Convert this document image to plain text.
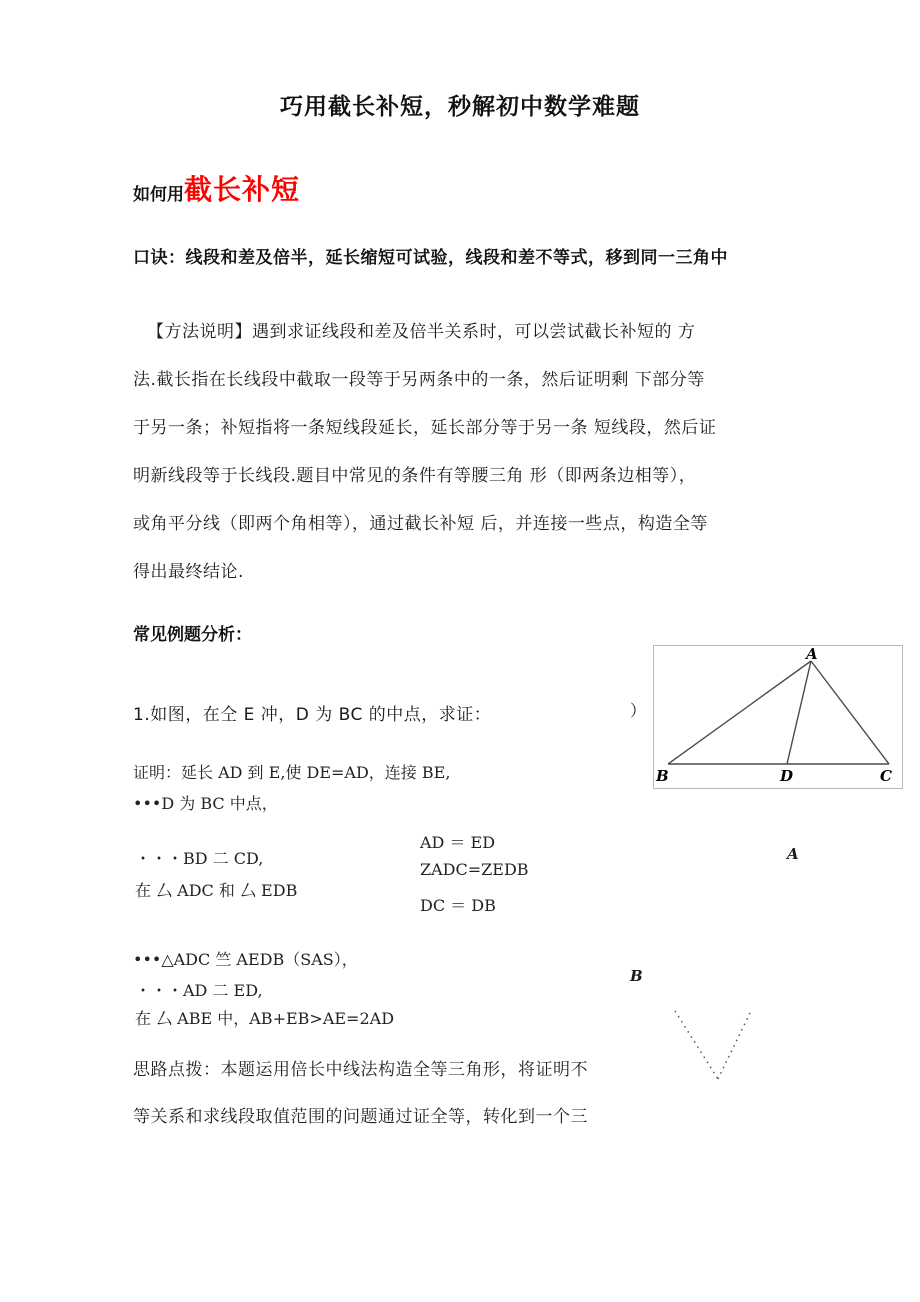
巧用截长补短，秒解初中数学难题
如何用 截长补短
口诀：线段和差及倍半，延长缩短可试验，线段和差不等式，移到同一三角中
【方法说明】遇到求证线段和差及倍半关系时，可以尝试截长补短的 方
法.截长指在长线段中截取一段等于另两条中的一条，然后证明剩 下部分等
于另一条；补短指将一条短线段延长，延长部分等于另一条 短线段，然后证
明新线段等于长线段.题目中常见的条件有等腰三角 形（即两条边相等），
或角平分线（即两个角相等），通过截长补短 后，并连接一些点，构造全等
得出最终结论.
常见例题分析：
A
B	D	C
1.如图，在仝 E 冲，D 为 BC 的中点，求证：	）
证明：延长 AD 到 E,使 DE=AD，连接 BE,
•••D 为 BC 中点，
・・・BD 二 CD,
在 厶 ADC 和 厶 EDB
AD ＝ ED
ZADC=ZEDB
DC ＝ DB
•••△ADC 竺 AEDB（SAS），
・・・AD 二 ED,
在 厶 ABE 中，AB+EB>AE=2AD
A
B
思路点拨：本题运用倍长中线法构造全等三角形，将证明不
等关系和求线段取值范围的问题通过证全等，转化到一个三
